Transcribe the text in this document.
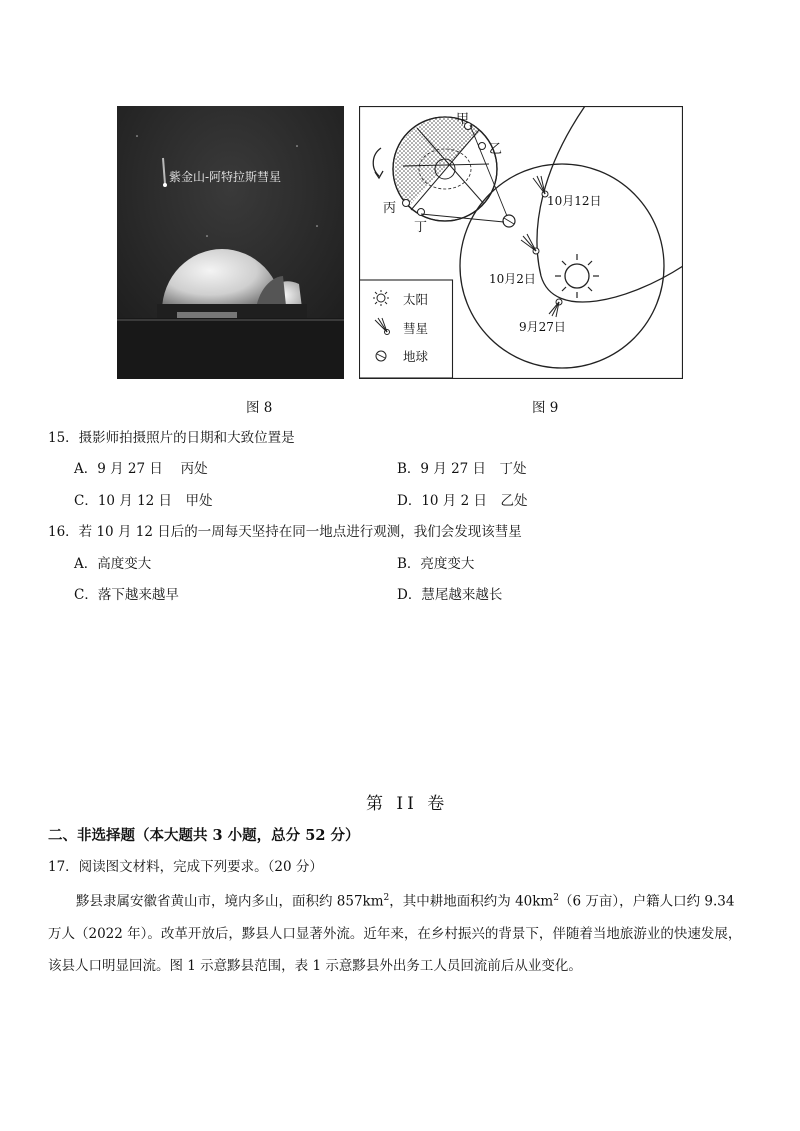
紫金山-阿特拉斯彗星
甲
乙
丙
丁
10月12日
10月2日
9月27日
太阳
彗星
地球
图 8	图 9
15．摄影师拍摄照片的日期和大致位置是
A．9 月 27 日　 丙处	B．9 月 27 日　丁处
C．10 月 12 日　甲处	D．10 月 2 日　乙处
16．若 10 月 12 日后的一周每天坚持在同一地点进行观测，我们会发现该彗星
A．高度变大	B．亮度变大
C．落下越来越早	D．慧尾越来越长
第 II 卷
二、非选择题（本大题共 3 小题，总分 52 分）
17．阅读图文材料，完成下列要求。（20 分）
黟县隶属安徽省黄山市，境内多山，面积约 $857km^2$，其中耕地面积约为 $40km^2(6$ 万亩），户籍人口约 9.34 万人（2022 年）。改革开放后，黟县人口显著外流。近年来，在乡村振兴的背景下，伴随着当地旅游业的快速发展，该县人口明显回流。图 1 示意黟县范围，表 1 示意黟县外出务工人员回流前后从业变化。
